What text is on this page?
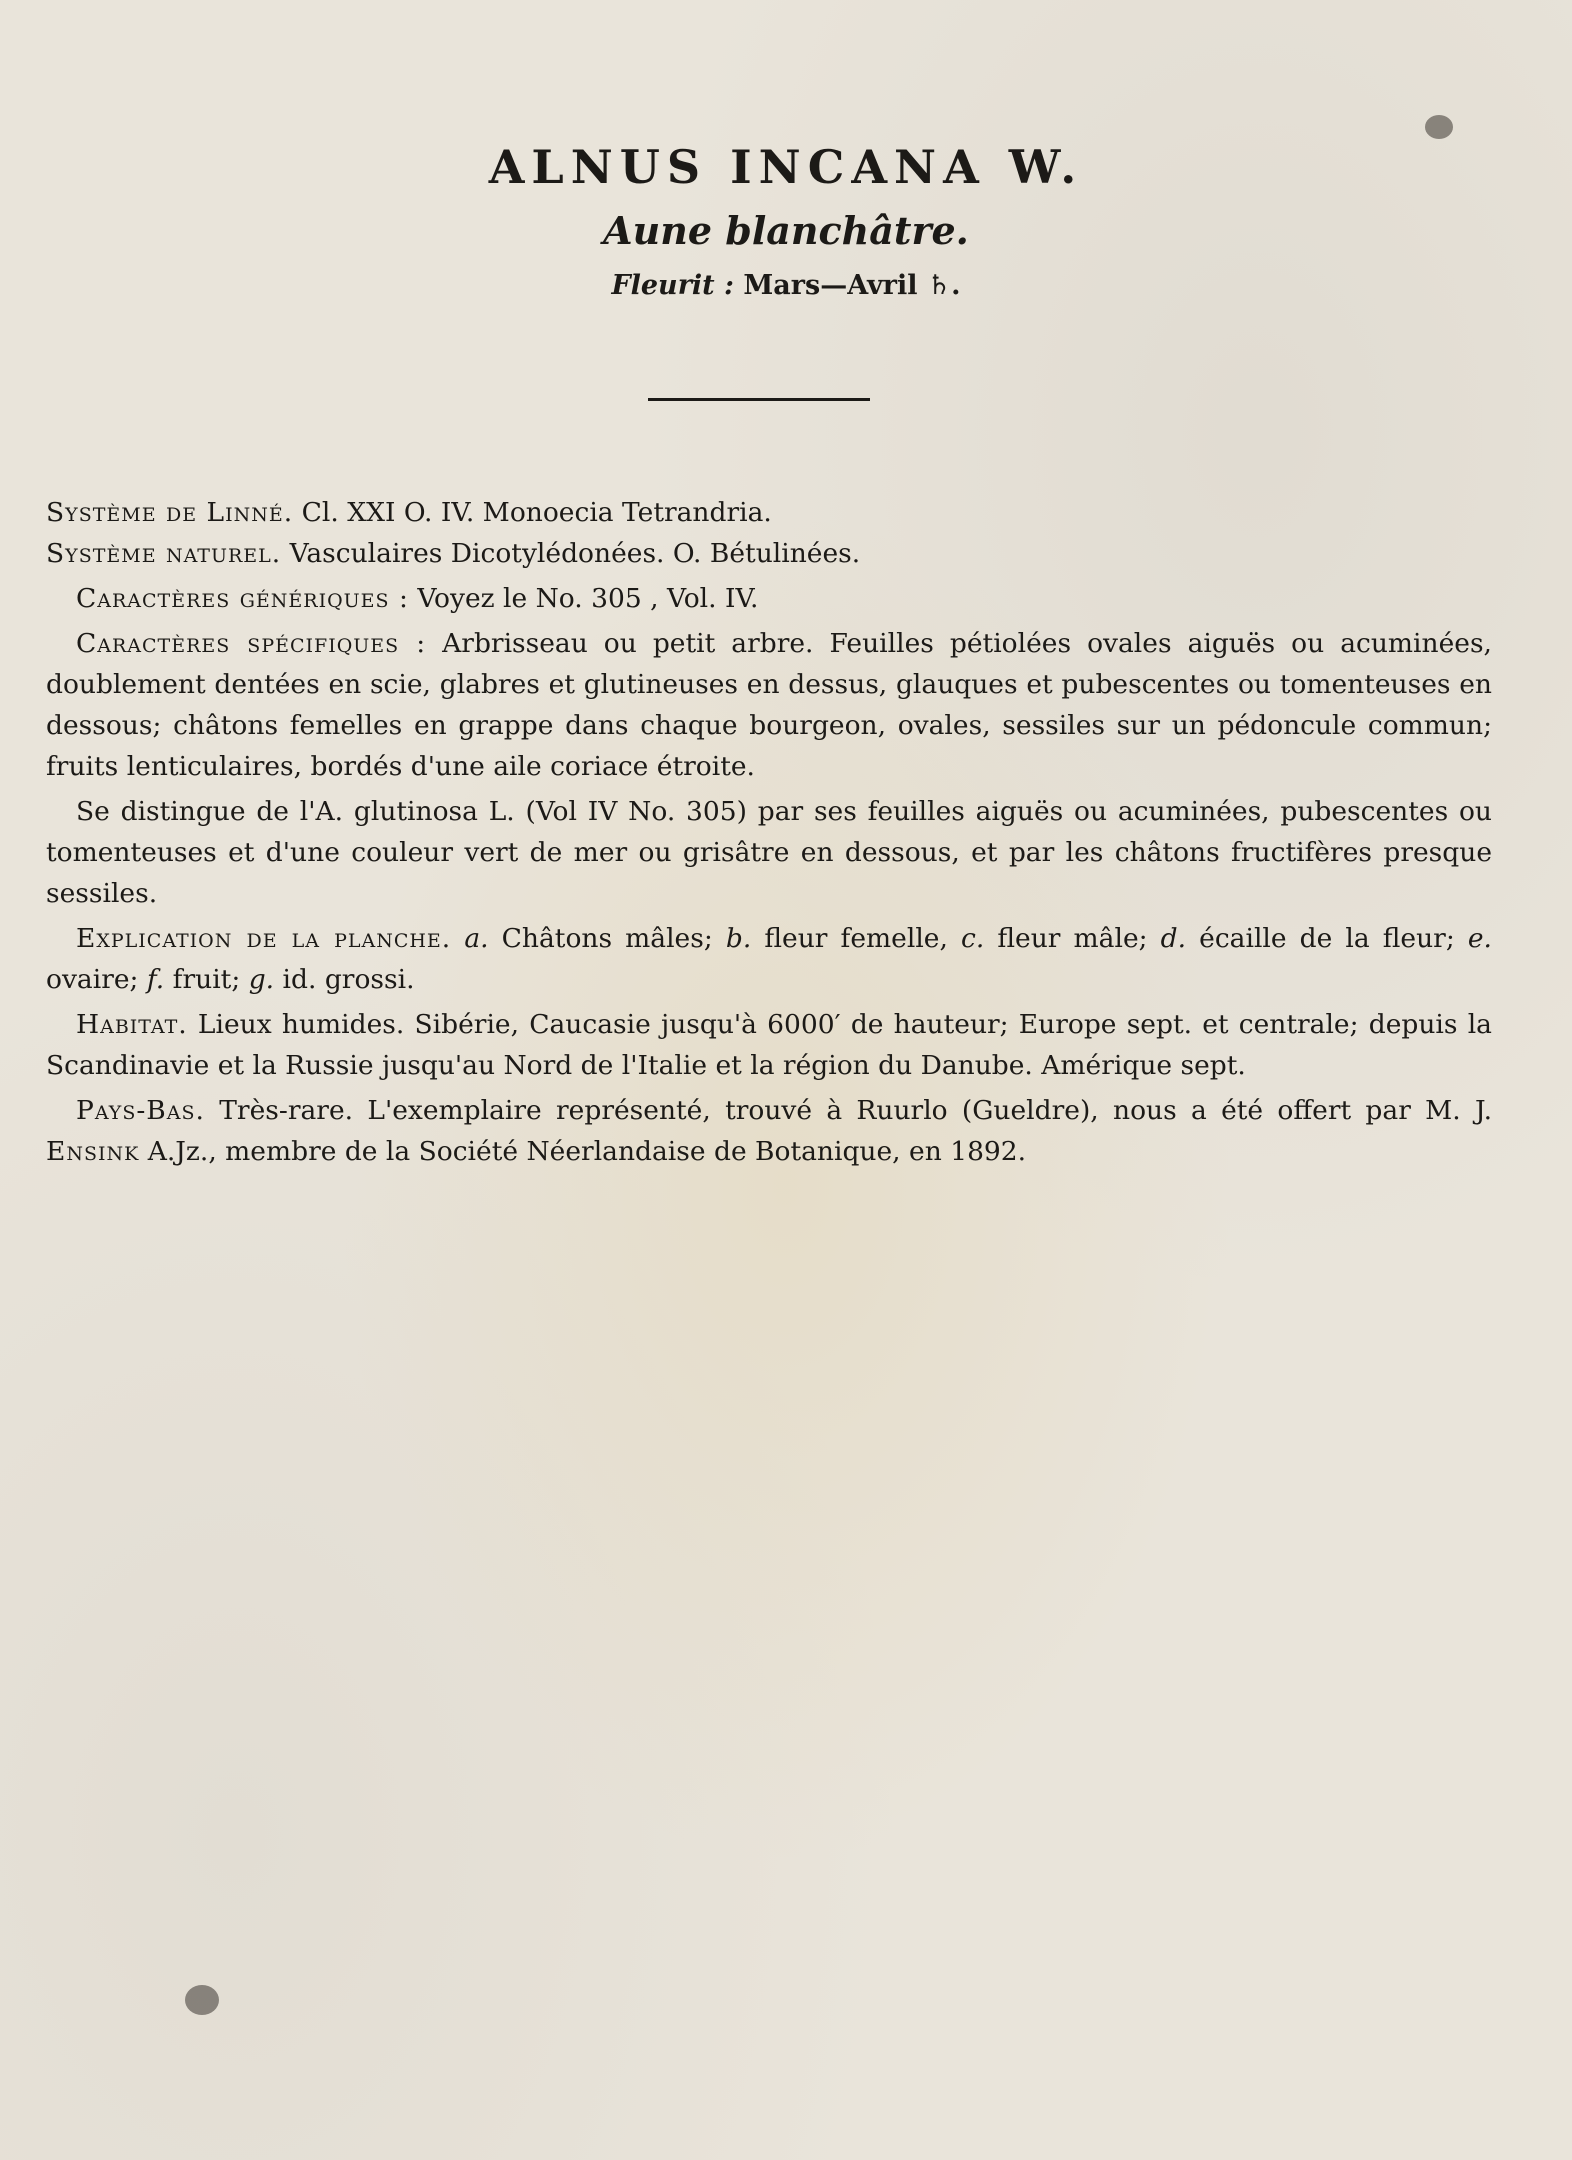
ALNUS INCANA W.
Aune blanchâtre.
Fleurit : Mars—Avril ♄.

Système de Linné. Cl. XXI O. IV. Monoecia Tetrandria.

Système naturel. Vasculaires Dicotylédonées. O. Bétulinées.

Caractères génériques : Voyez le No. 305 , Vol. IV.

Caractères spécifiques : Arbrisseau ou petit arbre. Feuilles pétiolées ovales aiguës ou acuminées, doublement dentées en scie, glabres et glutineuses en dessus, glauques et pubescentes ou tomenteuses en dessous; châtons femelles en grappe dans chaque bourgeon, ovales, sessiles sur un pédoncule commun; fruits lenticulaires, bordés d'une aile coriace étroite.

Se distingue de l'A. glutinosa L. (Vol IV No. 305) par ses feuilles aiguës ou acuminées, pubescentes ou tomenteuses et d'une couleur vert de mer ou grisâtre en dessous, et par les châtons fructifères presque sessiles.

Explication de la planche. a. Châtons mâles; b. fleur femelle, c. fleur mâle; d. écaille de la fleur; e. ovaire; f. fruit; g. id. grossi.

Habitat. Lieux humides. Sibérie, Caucasie jusqu'à 6000′ de hauteur; Europe sept. et centrale; depuis la Scandinavie et la Russie jusqu'au Nord de l'Italie et la région du Danube. Amérique sept.

Pays-Bas. Très-rare. L'exemplaire représenté, trouvé à Ruurlo (Gueldre), nous a été offert par M. J. Ensink A.Jz., membre de la Société Néerlandaise de Botanique, en 1892.
